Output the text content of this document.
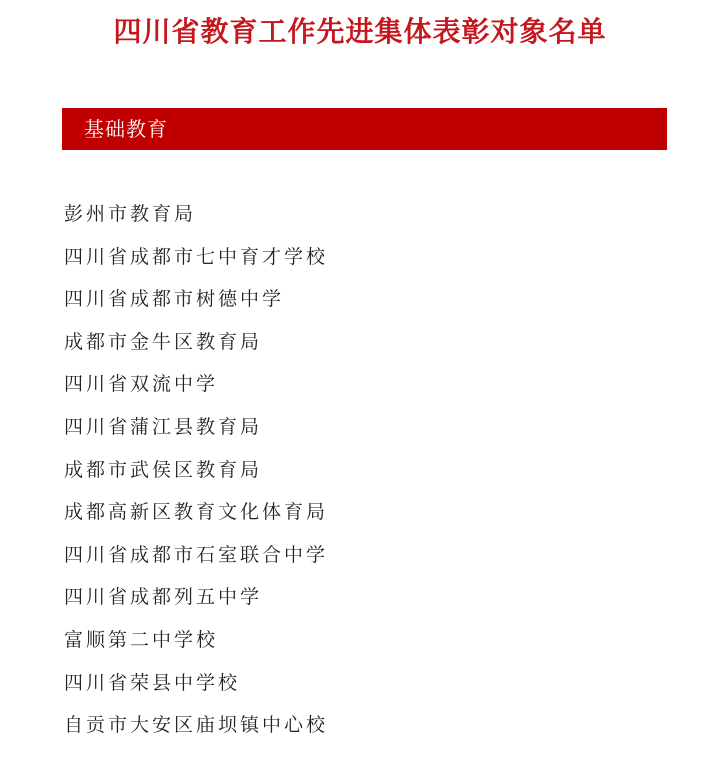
四川省教育工作先进集体表彰对象名单
基础教育
彭州市教育局
四川省成都市七中育才学校
四川省成都市树德中学
成都市金牛区教育局
四川省双流中学
四川省蒲江县教育局
成都市武侯区教育局
成都高新区教育文化体育局
四川省成都市石室联合中学
四川省成都列五中学
富顺第二中学校
四川省荣县中学校
自贡市大安区庙坝镇中心校
